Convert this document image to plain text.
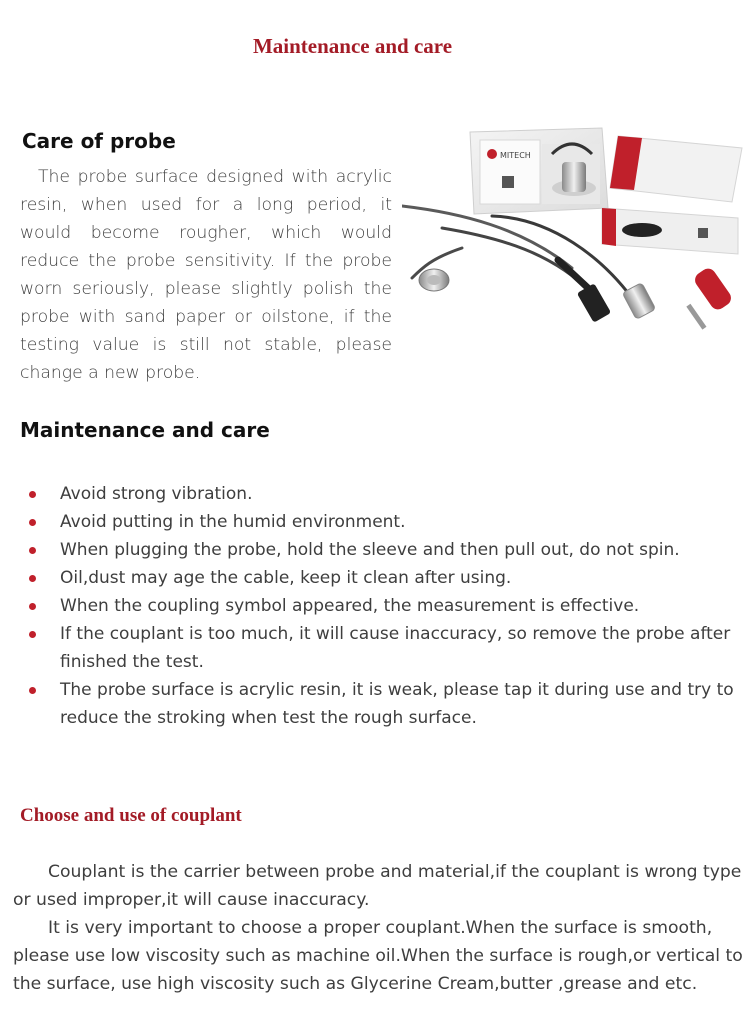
Maintenance and care
Care of probe

The probe surface designed with acrylic resin, when used for a long period, it would become rougher, which would reduce the probe sensitivity. If the probe worn seriously, please slightly polish the probe with sand paper or oilstone, if the testing value is still not stable, please change a new probe.

MITECH
Maintenance and care
Avoid strong vibration.
Avoid putting in the humid environment.
When plugging the probe, hold the sleeve and then pull out, do not spin.
Oil,dust may age the cable, keep it clean after using.
When the coupling symbol appeared, the measurement is effective.
If the couplant is too much, it will cause inaccuracy, so remove the probe after finished the test.
The probe surface is acrylic resin, it is weak, please tap it during use and try to reduce the stroking when test the rough surface.
Choose and use of couplant

Couplant is the carrier between probe and material,if the couplant is wrong type or used improper,it will cause inaccuracy.

It is very important to choose a proper couplant.When the surface is smooth, please use low viscosity such as machine oil.When the surface is rough,or vertical to the surface, use high viscosity such as Glycerine Cream,butter ,grease and etc.
